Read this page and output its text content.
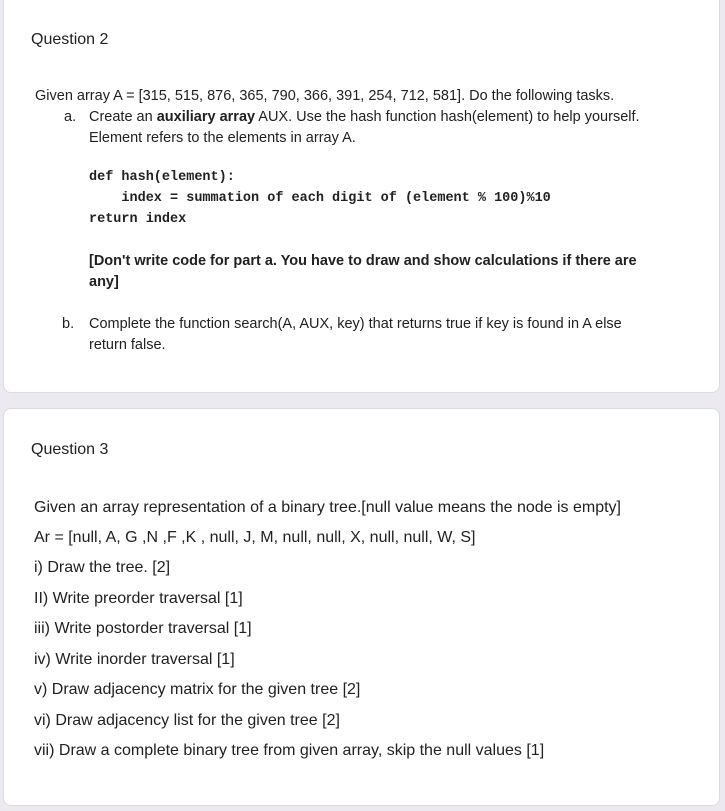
Question 2
Given array A = [315, 515, 876, 365, 790, 366, 391, 254, 712, 581]. Do the following tasks.
a. Create an auxiliary array AUX. Use the hash function hash(element) to help yourself.
Element refers to the elements in array A.
def hash(element):
index = summation of each digit of (element % 100)%10
return index
[Don't write code for part a. You have to draw and show calculations if there are
any]
b. Complete the function search(A, AUX, key) that returns true if key is found in A else
return false.
Question 3
Given an array representation of a binary tree.[null value means the node is empty]
Ar = [null, A, G ,N ,F ,K , null, J, M, null, null, X, null, null, W, S]
i) Draw the tree. [2]
II) Write preorder traversal [1]
iii) Write postorder traversal [1]
iv) Write inorder traversal [1]
v) Draw adjacency matrix for the given tree [2]
vi) Draw adjacency list for the given tree [2]
vii) Draw a complete binary tree from given array, skip the null values [1]
